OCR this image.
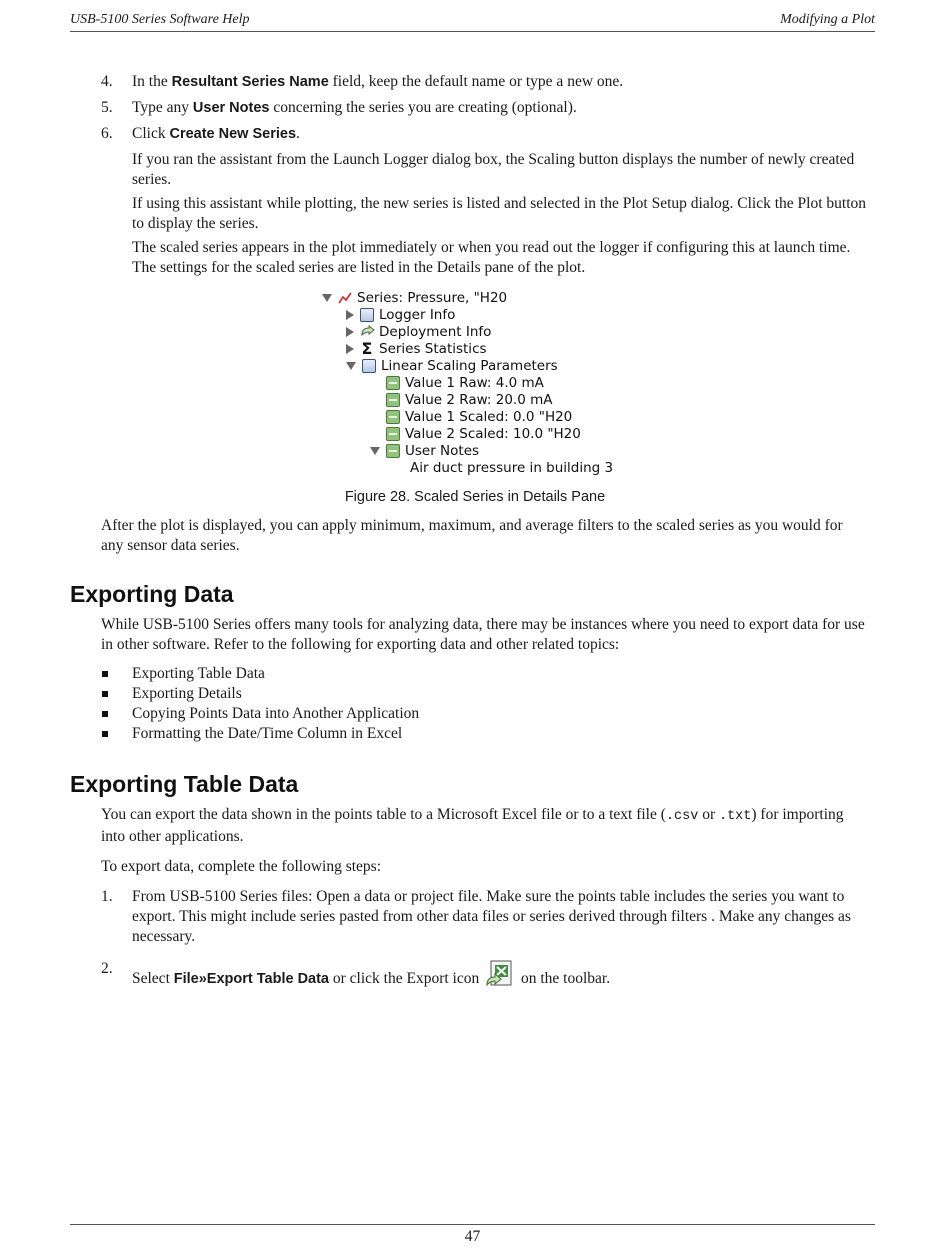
USB-5100 Series Software Help	Modifying a Plot
4. In the Resultant Series Name field, keep the default name or type a new one.
5. Type any User Notes concerning the series you are creating (optional).
6. Click Create New Series.
If you ran the assistant from the Launch Logger dialog box, the Scaling button displays the number of newly created series.
If using this assistant while plotting, the new series is listed and selected in the Plot Setup dialog. Click the Plot button to display the series.
The scaled series appears in the plot immediately or when you read out the logger if configuring this at launch time. The settings for the scaled series are listed in the Details pane of the plot.
Series: Pressure, "H20
Logger Info
Deployment Info
Σ Series Statistics
Linear Scaling Parameters
Value 1 Raw: 4.0 mA
Value 2 Raw: 20.0 mA
Value 1 Scaled: 0.0 "H20
Value 2 Scaled: 10.0 "H20
User Notes
Air duct pressure in building 3
Figure 28. Scaled Series in Details Pane
After the plot is displayed, you can apply minimum, maximum, and average filters to the scaled series as you would for any sensor data series.
Exporting Data
While USB-5100 Series offers many tools for analyzing data, there may be instances where you need to export data for use in other software. Refer to the following for exporting data and other related topics:
Exporting Table Data
Exporting Details
Copying Points Data into Another Application
Formatting the Date/Time Column in Excel
Exporting Table Data
You can export the data shown in the points table to a Microsoft Excel file or to a text file (.csv or .txt) for importing into other applications.
To export data, complete the following steps:
1. From USB-5100 Series files: Open a data or project file. Make sure the points table includes the series you want to export. This might include series pasted from other data files or series derived through filters . Make any changes as necessary.
2.
Select File»Export Table Data or click the Export icon  on the toolbar.
47
